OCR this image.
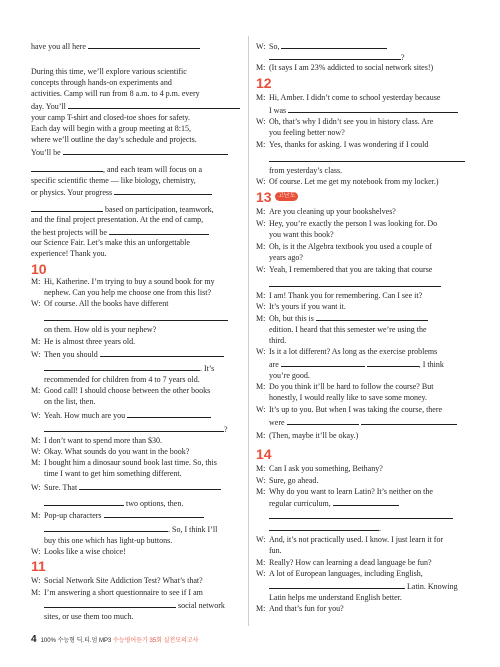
have you all here
During this time, we’ll explore various scientific
concepts through hands-on experiments and
activities. Camp will run from 8 a.m. to 4 p.m. every
day. You’ll
your camp T-shirt and closed-toe shoes for safety.
Each day will begin with a group meeting at 8:15,
where we’ll outline the day’s schedule and projects.
You’ll be
, and each team will focus on a
specific scientific theme — like biology, chemistry,
or physics. Your progress
based on participation, teamwork,
and the final project presentation. At the end of camp,
the best projects will be
our Science Fair. Let’s make this an unforgettable
experience! Thank you.
10
M: Hi, Katherine. I’m trying to buy a sound book for my
nephew. Can you help me choose one from this list?
W: Of course. All the books have different
on them. How old is your nephew?
M: He is almost three years old.
W: Then you should
. It’s
recommended for children from 4 to 7 years old.
M: Good call! I should choose between the other books
on the list, then.
W: Yeah. How much are you
?
M: I don’t want to spend more than $30.
W: Okay. What sounds do you want in the book?
M: I bought him a dinosaur sound book last time. So, this
time I want to get him something different.
W: Sure. That
two options, then.
M: Pop-up characters
. So, I think I’ll
buy this one which has light-up buttons.
W: Looks like a wise choice!
11
W: Social Network Site Addiction Test? What’s that?
M: I’m answering a short questionnaire to see if I am
social network
sites, or use them too much.
W: So,
?
M: (It says I am 23% addicted to social network sites!)
12
M: Hi, Amber. I didn’t come to school yesterday because
I was
W: Oh, that’s why I didn’t see you in history class. Are
you feeling better now?
M: Yes, thanks for asking. I was wondering if I could
from yesterday’s class.
W: Of course. Let me get my notebook from my locker.)
13	고난도
M: Are you cleaning up your bookshelves?
W: Hey, you’re exactly the person I was looking for. Do
you want this book?
M: Oh, is it the Algebra textbook you used a couple of
years ago?
W: Yeah, I remembered that you are taking that course
M: I am! Thank you for remembering. Can I see it?
W: It’s yours if you want it.
M: Oh, but this is
edition. I heard that this semester we’re using the
third.
W: Is it a lot different? As long as the exercise problems
are	, I think
you’re good.
M: Do you think it’ll be hard to follow the course? But
honestly, I would really like to save some money.
W: It’s up to you. But when I was taking the course, there
were
M: (Then, maybe it’ll be okay.)
14
M: Can I ask you something, Bethany?
W: Sure, go ahead.
M: Why do you want to learn Latin? It’s neither on the
regular curriculum,
.
W: And, it’s not practically used. I know. I just learn it for
fun.
M: Really? How can learning a dead language be fun?
W: A lot of European languages, including English,
Latin. Knowing
Latin helps me understand English better.
M: And that’s fun for you?
4 100% 수능형 딕.티.엄 MP3 수능영어듣기 35회 실전모의고사
